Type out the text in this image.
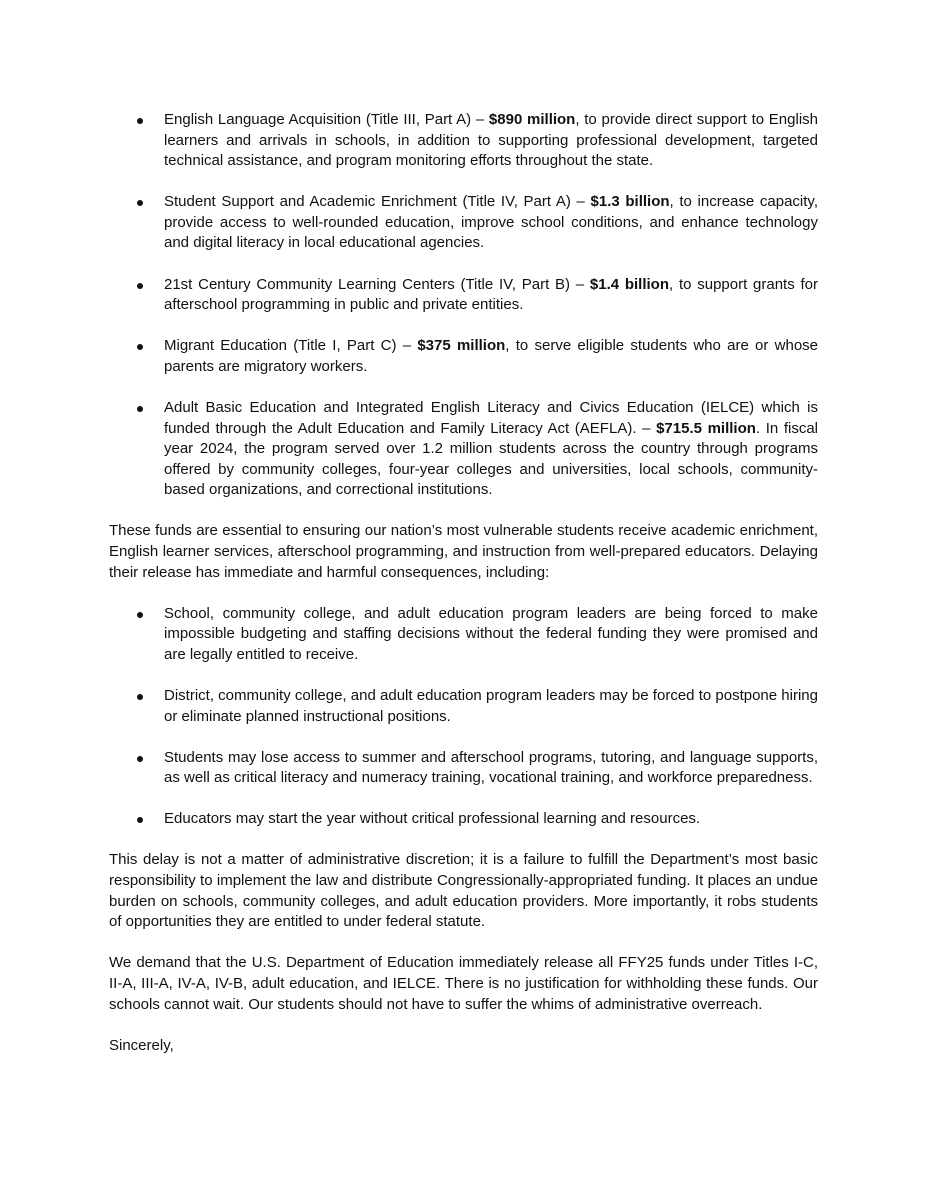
English Language Acquisition (Title III, Part A) – $890 million, to provide direct support to English learners and arrivals in schools, in addition to supporting professional development, targeted technical assistance, and program monitoring efforts throughout the state.
Student Support and Academic Enrichment (Title IV, Part A) – $1.3 billion, to increase capacity, provide access to well-rounded education, improve school conditions, and enhance technology and digital literacy in local educational agencies.
21st Century Community Learning Centers (Title IV, Part B) – $1.4 billion, to support grants for afterschool programming in public and private entities.
Migrant Education (Title I, Part C) – $375 million, to serve eligible students who are or whose parents are migratory workers.
Adult Basic Education and Integrated English Literacy and Civics Education (IELCE) which is funded through the Adult Education and Family Literacy Act (AEFLA). – $715.5 million. In fiscal year 2024, the program served over 1.2 million students across the country through programs offered by community colleges, four-year colleges and universities, local schools, community-based organizations, and correctional institutions.

These funds are essential to ensuring our nation’s most vulnerable students receive academic enrichment, English learner services, afterschool programming, and instruction from well-prepared educators. Delaying their release has immediate and harmful consequences, including:

School, community college, and adult education program leaders are being forced to make impossible budgeting and staffing decisions without the federal funding they were promised and are legally entitled to receive.
District, community college, and adult education program leaders may be forced to postpone hiring or eliminate planned instructional positions.
Students may lose access to summer and afterschool programs, tutoring, and language supports, as well as critical literacy and numeracy training, vocational training, and workforce preparedness.
Educators may start the year without critical professional learning and resources.

This delay is not a matter of administrative discretion; it is a failure to fulfill the Department’s most basic responsibility to implement the law and distribute Congressionally-appropriated funding. It places an undue burden on schools, community colleges, and adult education providers. More importantly, it robs students of opportunities they are entitled to under federal statute.

We demand that the U.S. Department of Education immediately release all FFY25 funds under Titles I-C, II-A, III-A, IV-A, IV-B, adult education, and IELCE. There is no justification for withholding these funds. Our schools cannot wait. Our students should not have to suffer the whims of administrative overreach.

Sincerely,
